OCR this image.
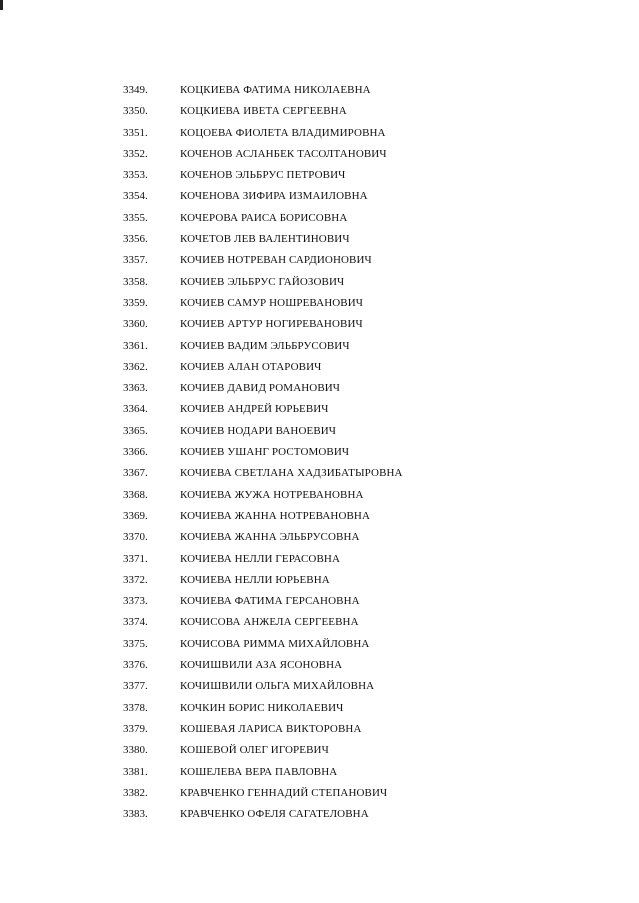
3349.	КОЦКИЕВА ФАТИМА НИКОЛАЕВНА
3350.	КОЦКИЕВА ИВЕТА СЕРГЕЕВНА
3351.	КОЦОЕВА ФИОЛЕТА ВЛАДИМИРОВНА
3352.	КОЧЕНОВ АСЛАНБЕК ТАСОЛТАНОВИЧ
3353.	КОЧЕНОВ ЭЛЬБРУС ПЕТРОВИЧ
3354.	КОЧЕНОВА ЗИФИРА ИЗМАИЛОВНА
3355.	КОЧЕРОВА РАИСА БОРИСОВНА
3356.	КОЧЕТОВ ЛЕВ ВАЛЕНТИНОВИЧ
3357.	КОЧИЕВ НОТРЕВАН САРДИОНОВИЧ
3358.	КОЧИЕВ ЭЛЬБРУС ГАЙОЗОВИЧ
3359.	КОЧИЕВ САМУР НОШРЕВАНОВИЧ
3360.	КОЧИЕВ АРТУР НОГИРЕВАНОВИЧ
3361.	КОЧИЕВ ВАДИМ ЭЛЬБРУСОВИЧ
3362.	КОЧИЕВ АЛАН ОТАРОВИЧ
3363.	КОЧИЕВ ДАВИД РОМАНОВИЧ
3364.	КОЧИЕВ АНДРЕЙ ЮРЬЕВИЧ
3365.	КОЧИЕВ НОДАРИ ВАНОЕВИЧ
3366.	КОЧИЕВ УШАНГ РОСТОМОВИЧ
3367.	КОЧИЕВА СВЕТЛАНА ХАДЗИБАТЫРОВНА
3368.	КОЧИЕВА ЖУЖА НОТРЕВАНОВНА
3369.	КОЧИЕВА ЖАННА НОТРЕВАНОВНА
3370.	КОЧИЕВА ЖАННА ЭЛЬБРУСОВНА
3371.	КОЧИЕВА НЕЛЛИ ГЕРАСОВНА
3372.	КОЧИЕВА НЕЛЛИ ЮРЬЕВНА
3373.	КОЧИЕВА ФАТИМА ГЕРСАНОВНА
3374.	КОЧИСОВА АНЖЕЛА СЕРГЕЕВНА
3375.	КОЧИСОВА РИММА МИХАЙЛОВНА
3376.	КОЧИШВИЛИ АЗА ЯСОНОВНА
3377.	КОЧИШВИЛИ ОЛЬГА МИХАЙЛОВНА
3378.	КОЧКИН БОРИС НИКОЛАЕВИЧ
3379.	КОШЕВАЯ ЛАРИСА ВИКТОРОВНА
3380.	КОШЕВОЙ ОЛЕГ ИГОРЕВИЧ
3381.	КОШЕЛЕВА ВЕРА ПАВЛОВНА
3382.	КРАВЧЕНКО ГЕННАДИЙ СТЕПАНОВИЧ
3383.	КРАВЧЕНКО ОФЕЛЯ САГАТЕЛОВНА
